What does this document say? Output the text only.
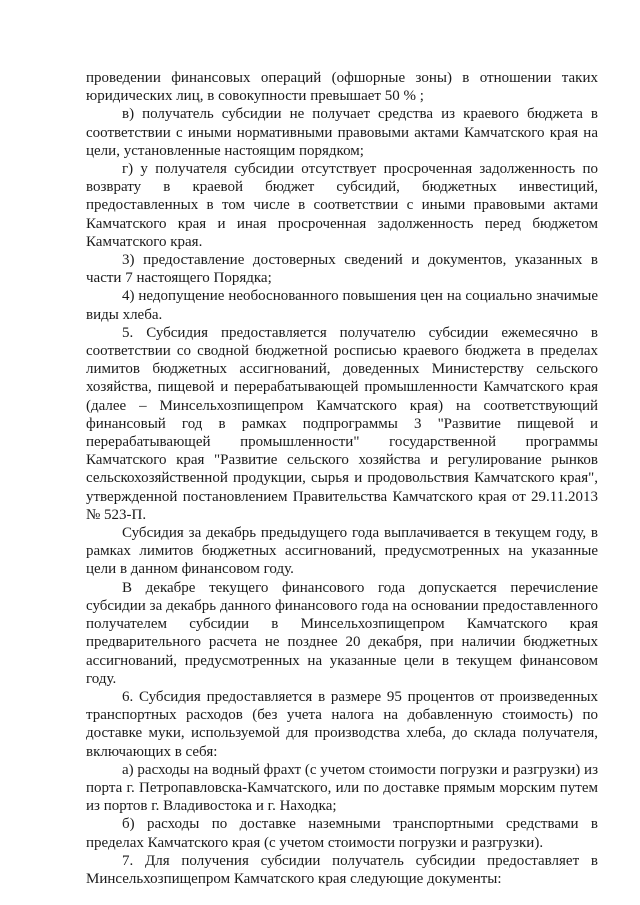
проведении финансовых операций (офшорные зоны) в отношении таких юридических лиц, в совокупности превышает 50 % ;

в) получатель субсидии не получает средства из краевого бюджета в соответствии с иными нормативными правовыми актами Камчатского края на цели, установленные настоящим порядком;

г) у получателя субсидии отсутствует просроченная задолженность по возврату в краевой бюджет субсидий, бюджетных инвестиций, предоставленных в том числе в соответствии с иными правовыми актами Камчатского края и иная просроченная задолженность перед бюджетом Камчатского края.

3) предоставление достоверных сведений и документов, указанных в части 7 настоящего Порядка;

4) недопущение необоснованного повышения цен на социально значимые виды хлеба.

5. Субсидия предоставляется получателю субсидии ежемесячно в соответствии со сводной бюджетной росписью краевого бюджета в пределах лимитов бюджетных ассигнований, доведенных Министерству сельского хозяйства, пищевой и перерабатывающей промышленности Камчатского края (далее – Минсельхозпищепром Камчатского края) на соответствующий финансовый год в рамках подпрограммы 3 "Развитие пищевой и перерабатывающей промышленности" государственной программы Камчатского края "Развитие сельского хозяйства и регулирование рынков сельскохозяйственной продукции, сырья и продовольствия Камчатского края", утвержденной постановлением Правительства Камчатского края от 29.11.2013 № 523-П.

Субсидия за декабрь предыдущего года выплачивается в текущем году, в рамках лимитов бюджетных ассигнований, предусмотренных на указанные цели в данном финансовом году.

В декабре текущего финансового года допускается перечисление субсидии за декабрь данного финансового года на основании предоставленного получателем субсидии в Минсельхозпищепром Камчатского края предварительного расчета не позднее 20 декабря, при наличии бюджетных ассигнований, предусмотренных на указанные цели в текущем финансовом году.

6. Субсидия предоставляется в размере 95 процентов от произведенных транспортных расходов (без учета налога на добавленную стоимость) по доставке муки, используемой для производства хлеба, до склада получателя, включающих в себя:

а) расходы на водный фрахт (с учетом стоимости погрузки и разгрузки) из порта г. Петропавловска-Камчатского, или по доставке прямым морским путем из портов г. Владивостока и г. Находка;

б) расходы по доставке наземными транспортными средствами в пределах Камчатского края (с учетом стоимости погрузки и разгрузки).

7. Для получения субсидии получатель субсидии предоставляет в Минсельхозпищепром Камчатского края следующие документы:
